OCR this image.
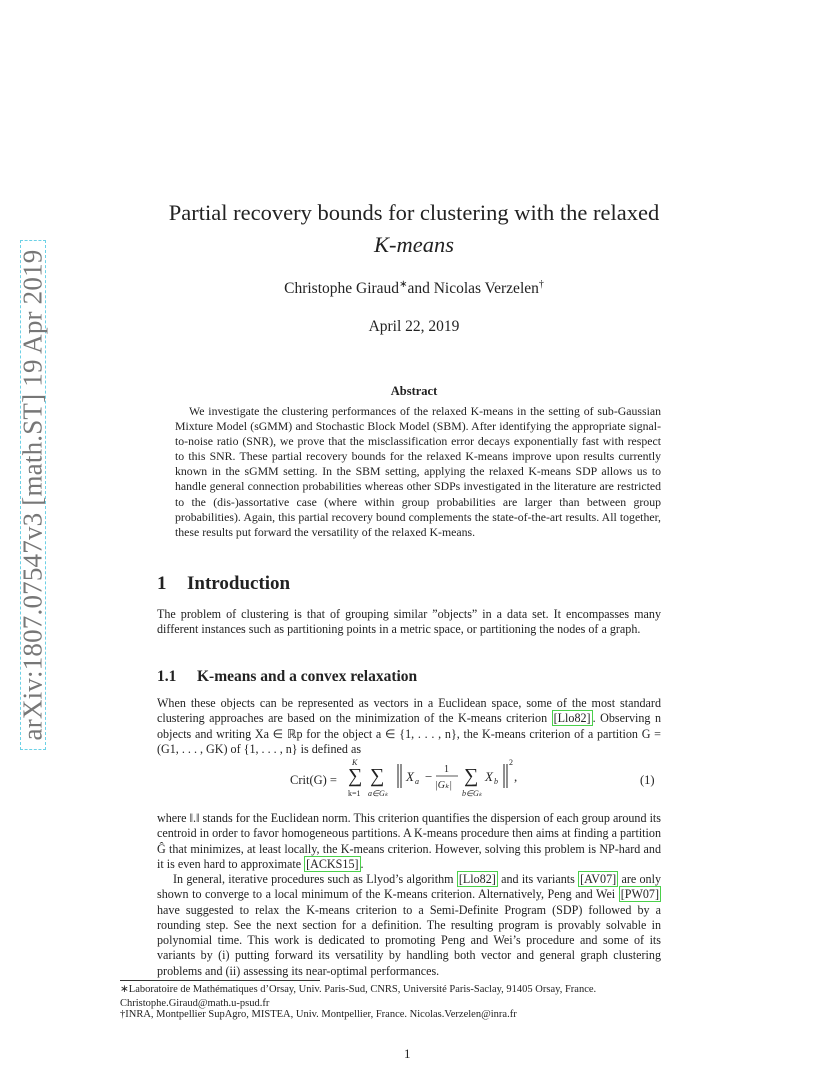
arXiv:1807.07547v3 [math.ST] 19 Apr 2019
Partial recovery bounds for clustering with the relaxed
K-means
Christophe Giraud∗and Nicolas Verzelen†
April 22, 2019
Abstract

We investigate the clustering performances of the relaxed K-means in the setting of sub-Gaussian Mixture Model (sGMM) and Stochastic Block Model (SBM). After identifying the appropriate signal-to-noise ratio (SNR), we prove that the misclassification error decays exponentially fast with respect to this SNR. These partial recovery bounds for the relaxed K-means improve upon results currently known in the sGMM setting. In the SBM setting, applying the relaxed K-means SDP allows us to handle general connection probabilities whereas other SDPs investigated in the literature are restricted to the (dis-)assortative case (where within group probabilities are larger than between group probabilities). Again, this partial recovery bound complements the state-of-the-art results. All together, these results put forward the versatility of the relaxed K-means.

1 Introduction

The problem of clustering is that of grouping similar ”objects” in a data set. It encompasses many different instances such as partitioning points in a metric space, or partitioning the nodes of a graph.

1.1 K-means and a convex relaxation

When these objects can be represented as vectors in a Euclidean space, some of the most standard clustering approaches are based on the minimization of the K-means criterion [Llo82] . Observing n objects and writing Xa ∈ ℝp for the object a ∈ {1, . . . , n}, the K-means criterion of a partition G = (G1, . . . , GK) of {1, . . . , n} is defined as

Crit(G) =
K
∑
k=1
∑
a∈Gₖ
X a − 1
|Gₖ| ∑
b∈Gₖ
X b
2
,	(1)

where ‖.‖ stands for the Euclidean norm. This criterion quantifies the dispersion of each group around its centroid in order to favor homogeneous partitions. A K-means procedure then aims at finding a partition Ĝ that minimizes, at least locally, the K-means criterion. However, solving this problem is NP-hard and it is even hard to approximate [ACKS15] .

In general, iterative procedures such as Llyod’s algorithm [Llo82] and its variants [AV07] are only shown to converge to a local minimum of the K-means criterion. Alternatively, Peng and Wei [PW07] have suggested to relax the K-means criterion to a Semi-Definite Program (SDP) followed by a rounding step. See the next section for a definition. The resulting program is provably solvable in polynomial time. This work is dedicated to promoting Peng and Wei’s procedure and some of its variants by (i) putting forward its versatility by handling both vector and general graph clustering problems and (ii) assessing its near-optimal performances.

∗Laboratoire de Mathématiques d’Orsay, Univ. Paris-Sud, CNRS, Université Paris-Saclay, 91405 Orsay, France. Christophe.Giraud@math.u-psud.fr

†INRA, Montpellier SupAgro, MISTEA, Univ. Montpellier, France. Nicolas.Verzelen@inra.fr

1
